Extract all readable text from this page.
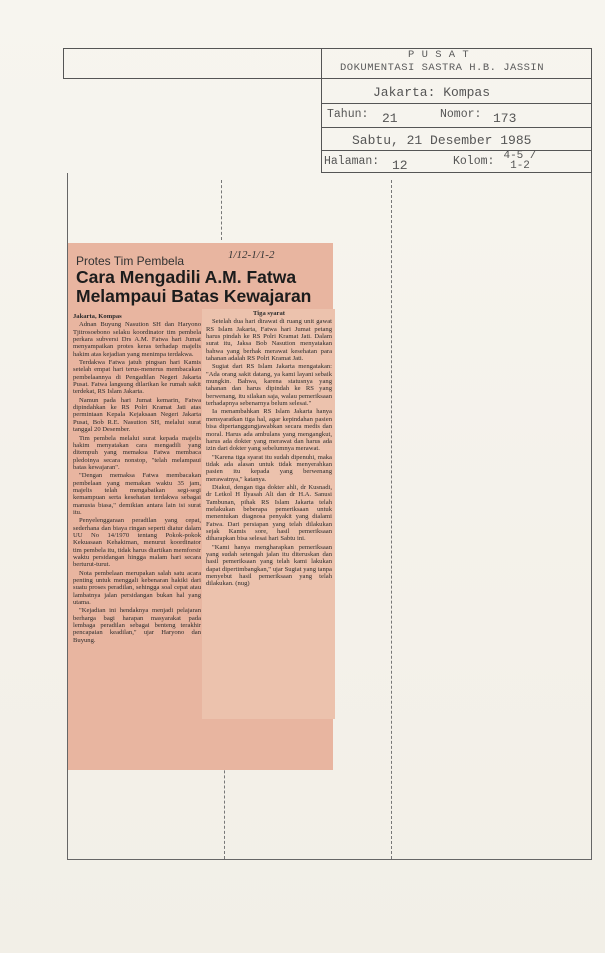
P U S A T
DOKUMENTASI SASTRA H.B. JASSIN
Jakarta: Kompas
Tahun: 21	Nomor: 173
Sabtu, 21 Desember 1985
Halaman: 12	Kolom: 4-5 / 1-2
Protes Tim Pembela	1/12-1/1-2
Cara Mengadili A.M. Fatwa Melampaui Batas Kewajaran

Jakarta, Kompas

Adnan Buyung Nasution SH dan Haryono Tjitrosoebono selaku koordinator tim pembela perkara subversi Drs A.M. Fatwa hari Jumat menyampaikan protes keras terhadap majelis hakim atas kejadian yang menimpa terdakwa.

Terdakwa Fatwa jatuh pingsan hari Kamis setelah empat hari terus-menerus membacakan pembelaannya di Pengadilan Negeri Jakarta Pusat. Fatwa langsung dilarikan ke rumah sakit terdekat, RS Islam Jakarta.

Namun pada hari Jumat kemarin, Fatwa dipindahkan ke RS Polri Kramat Jati atas permintaan Kepala Kejaksaan Negeri Jakarta Pusat, Bob R.E. Nasution SH, melalui surat tanggal 20 Desember.

Tim pembela melalui surat kepada majelis hakim menyatakan cara mengadili yang ditempuh yang memaksa Fatwa membaca pledoinya secara nonstop, "telah melampaui batas kewajaran".

"Dengan memaksa Fatwa membacakan pembelaan yang memakan waktu 35 jam, majelis telah mengabaikan segi-segi kemampuan serta kesehatan terdakwa sebagai manusia biasa," demikian antara lain isi surat itu.

Penyelenggaraan peradilan yang cepat, sederhana dan biaya ringan seperti diatur dalam UU No 14/1970 tentang Pokok-pokok Kekuasaan Kehakiman, menurut koordinator tim pembela itu, tidak harus diartikan memforsir waktu persidangan hingga malam hari secara berturut-turut.

Nota pembelaan merupakan salah satu acara penting untuk menggali kebenaran hakiki dari suatu proses peradilan, sehingga soal cepat atau lambatnya jalan persidangan bukan hal yang utama.

"Kejadian ini hendaknya menjadi pelajaran berharga bagi harapan masyarakat pada lembaga peradilan sebagai benteng terakhir pencapaian keadilan," ujar Haryono dan Buyung.

Tiga syarat

Setelah dua hari dirawat di ruang unit gawat RS Islam Jakarta, Fatwa hari Jumat petang harus pindah ke RS Polri Kramat Jati. Dalam surat itu, Jaksa Bob Nasution menyatakan bahwa yang berhak merawat kesehatan para tahanan adalah RS Polri Kramat Jati.

Sugiat dari RS Islam Jakarta mengatakan: "Ada orang sakit datang, ya kami layani sebaik mungkin. Bahwa, karena statusnya yang tahanan dan harus dipindah ke RS yang berwenang, itu silakan saja, walau pemeriksaan terhadapnya sebenarnya belum selesai."

Ia menambahkan RS Islam Jakarta hanya mensyaratkan tiga hal, agar kepindahan pasien bisa dipertanggungjawabkan secara medis dan moral. Harus ada ambulans yang mengangkut, harus ada dokter yang merawat dan harus ada izin dari dokter yang sebelumnya merawat.

"Karena tiga syarat itu sudah dipenuhi, maka tidak ada alasan untuk tidak menyerahkan pasien itu kepada yang berwenang merawatnya," katanya.

Diakui, dengan tiga dokter ahli, dr Kusnadi, dr Letkol H Ilyasah Ali dan dr H.A. Sanusi Tambunan, pihak RS Islam Jakarta telah melakukan beberapa pemeriksaan untuk menentukan diagnosa penyakit yang dialami Fatwa. Dari persiapan yang telah dilakukan sejak Kamis sore, hasil pemeriksaan diharapkan bisa selesai hari Sabtu ini.

"Kami hanya mengharapkan pemeriksaan yang sudah setengah jalan itu diteruskan dan hasil pemeriksaan yang telah kami lakukan dapat dipertimbangkan," ujar Sugiat yang tanpa menyebut hasil pemeriksaan yang telah dilakukan. (nug)
